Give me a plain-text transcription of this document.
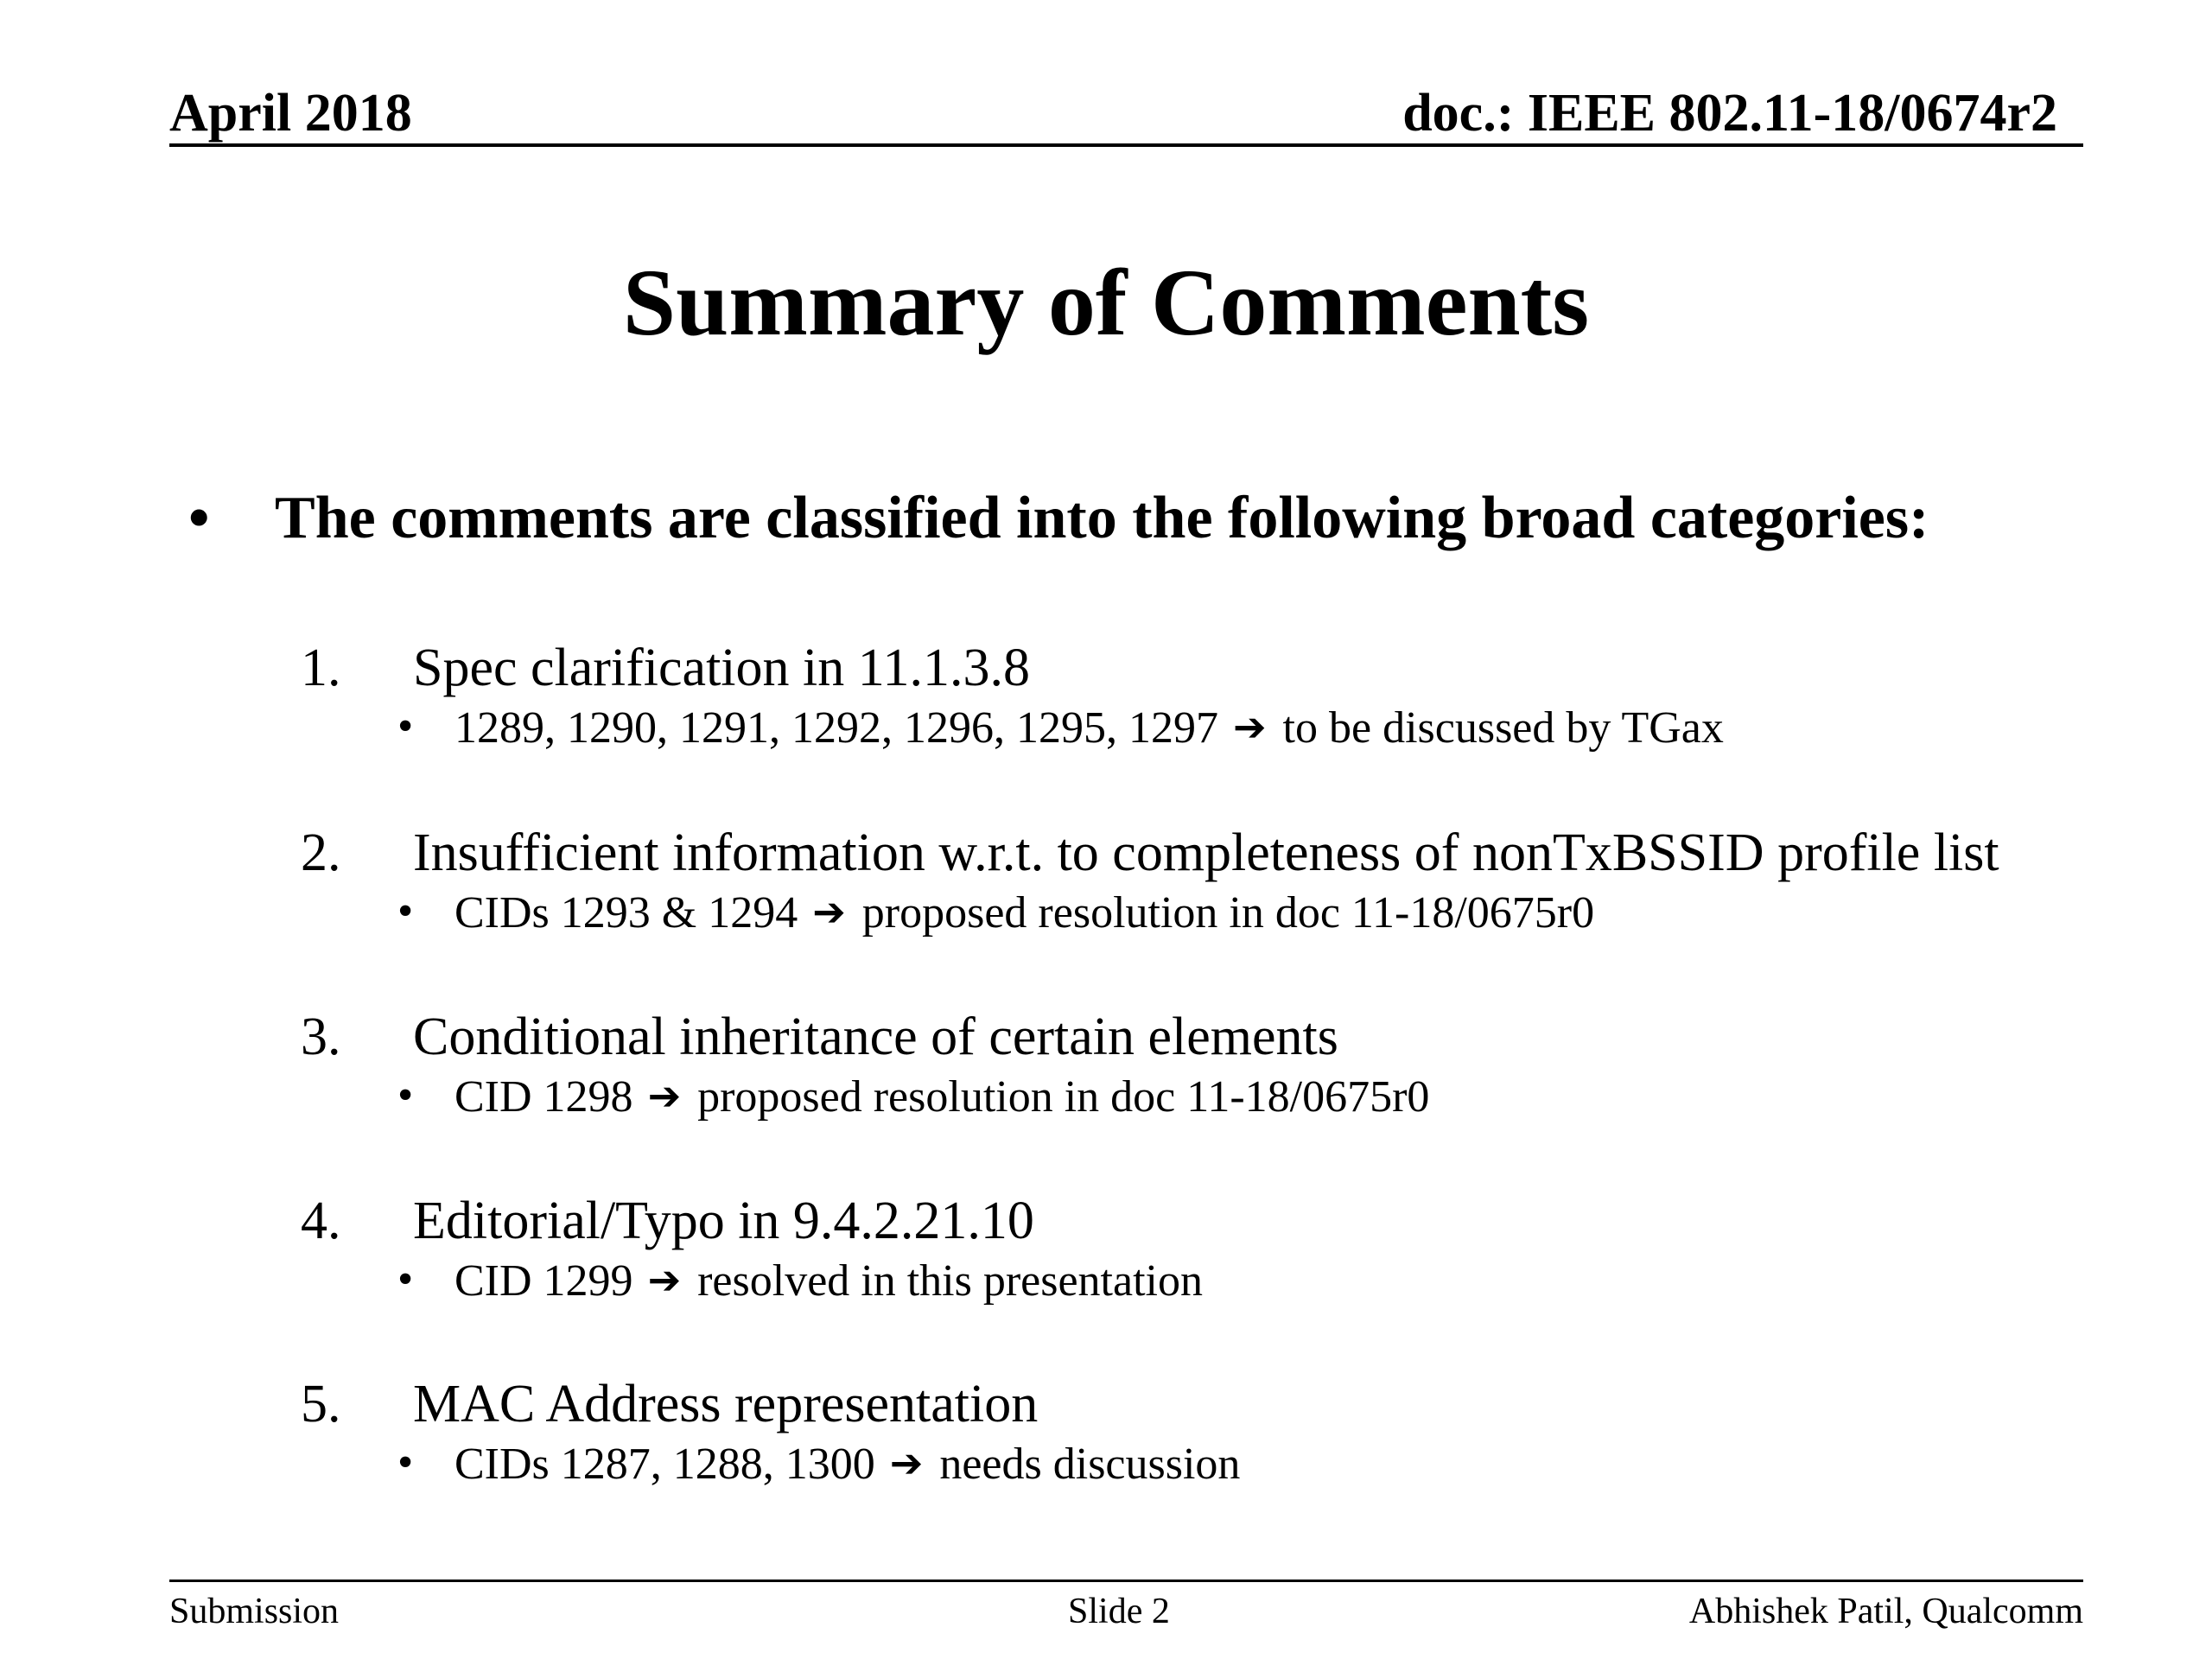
April 2018	doc.: IEEE 802.11-18/0674r2
Summary of Comments
• The comments are classified into the following broad categories:
1. Spec clarification in 11.1.3.8
• 1289, 1290, 1291, 1292, 1296, 1295, 1297 ➔ to be discussed by TGax
2. Insufficient information w.r.t. to completeness of nonTxBSSID profile list
• CIDs 1293 & 1294 ➔ proposed resolution in doc 11-18/0675r0
3. Conditional inheritance of certain elements
• CID 1298 ➔ proposed resolution in doc 11-18/0675r0
4. Editorial/Typo in 9.4.2.21.10
• CID 1299 ➔ resolved in this presentation
5. MAC Address representation
• CIDs 1287, 1288, 1300 ➔ needs discussion
Submission	Slide 2	Abhishek Patil, Qualcomm
